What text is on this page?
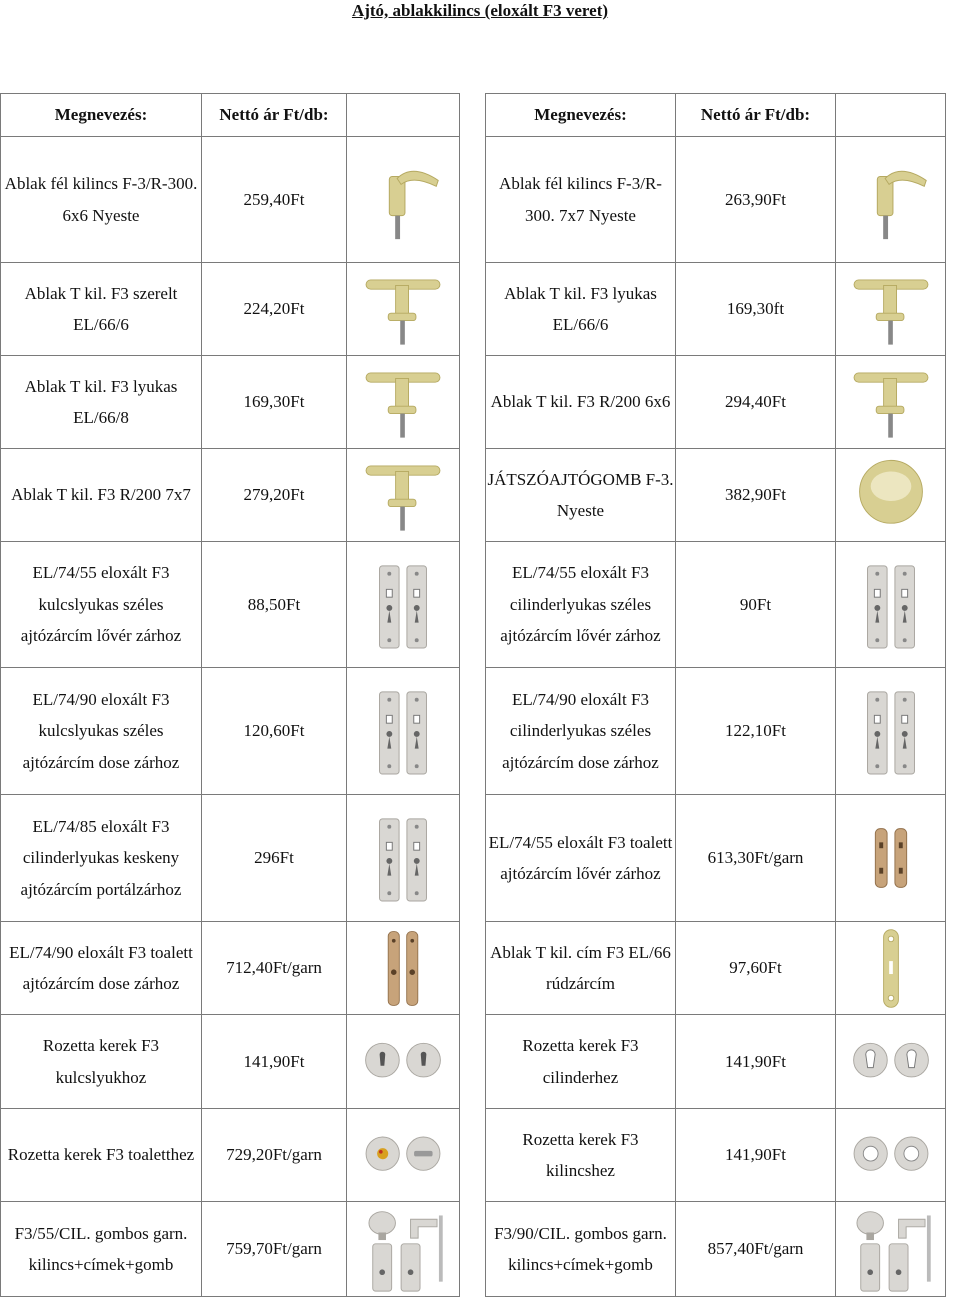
Ajtó, ablakkilincs (eloxált F3 veret)
Megnevezés:	Nettó ár Ft/db:	
Ablak fél kilincs F-3/R-300. 6x6 Nyeste	259,40Ft	

Ablak T kil. F3 szerelt EL/66/6	224,20Ft	

Ablak T kil. F3 lyukas EL/66/8	169,30Ft	

Ablak T kil. F3 R/200 7x7	279,20Ft	

EL/74/55 eloxált F3 kulcslyukas széles ajtózárcím lővér zárhoz	88,50Ft	

EL/74/90 eloxált F3 kulcslyukas széles ajtózárcím dose zárhoz	120,60Ft	

EL/74/85 eloxált F3 cilinderlyukas keskeny ajtózárcím portálzárhoz	296Ft	

EL/74/90 eloxált F3 toalett ajtózárcím dose zárhoz	712,40Ft/garn	

Rozetta kerek F3 kulcslyukhoz	141,90Ft	

Rozetta kerek F3 toaletthez	729,20Ft/garn	

F3/55/CIL. gombos garn. kilincs+címek+gomb	759,70Ft/garn	
Megnevezés:	Nettó ár Ft/db:	
Ablak fél kilincs F-3/R-300. 7x7 Nyeste	263,90Ft	

Ablak T kil. F3 lyukas EL/66/6	169,30ft	

Ablak T kil. F3 R/200 6x6	294,40Ft	

JÁTSZÓAJTÓGOMB F-3. Nyeste	382,90Ft	

EL/74/55 eloxált F3 cilinderlyukas széles ajtózárcím lővér zárhoz	90Ft	

EL/74/90 eloxált F3 cilinderlyukas széles ajtózárcím dose zárhoz	122,10Ft	

EL/74/55 eloxált F3 toalett ajtózárcím lővér zárhoz	613,30Ft/garn	

Ablak T kil. cím F3 EL/66 rúdzárcím	97,60Ft	

Rozetta kerek F3 cilinderhez	141,90Ft	

Rozetta kerek F3 kilincshez	141,90Ft	

F3/90/CIL. gombos garn. kilincs+címek+gomb	857,40Ft/garn	
